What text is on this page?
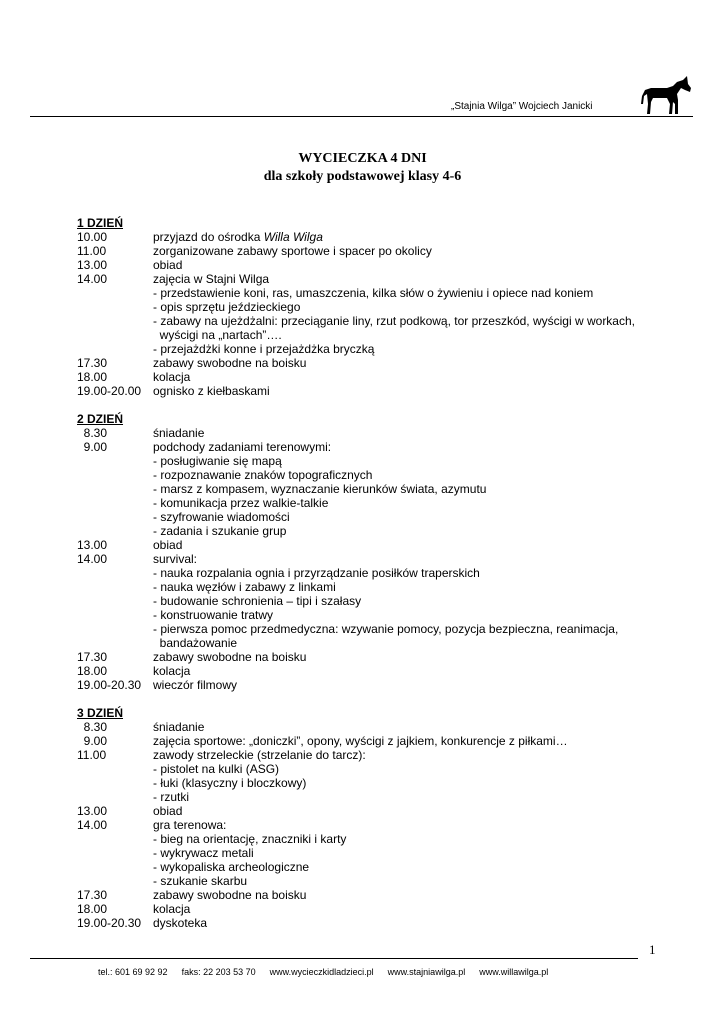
„Stajnia Wilga” Wojciech Janicki
WYCIECZKA 4 DNI
dla szkoły podstawowej klasy 4-6
1 DZIEŃ
10.00	przyjazd do ośrodka Willa Wilga
11.00	zorganizowane zabawy sportowe i spacer po okolicy
13.00	obiad
14.00	zajęcia w Stajni Wilga
- przedstawienie koni, ras, umaszczenia, kilka słów o żywieniu i opiece nad koniem
- opis sprzętu jeździeckiego
- zabawy na ujeżdżalni: przeciąganie liny, rzut podkową, tor przeszkód, wyścigi w workach,
wyścigi na „nartach”….
- przejażdżki konne i przejażdżka bryczką
17.30	zabawy swobodne na boisku
18.00	kolacja
19.00-20.00 ognisko z kiełbaskami
2 DZIEŃ
8.30	śniadanie
9.00	podchody zadaniami terenowymi:
- posługiwanie się mapą
- rozpoznawanie znaków topograficznych
- marsz z kompasem, wyznaczanie kierunków świata, azymutu
- komunikacja przez walkie-talkie
- szyfrowanie wiadomości
- zadania i szukanie grup
13.00	obiad
14.00	survival:
- nauka rozpalania ognia i przyrządzanie posiłków traperskich
- nauka węzłów i zabawy z linkami
- budowanie schronienia – tipi i szałasy
- konstruowanie tratwy
- pierwsza pomoc przedmedyczna: wzywanie pomocy, pozycja bezpieczna, reanimacja,
bandażowanie
17.30	zabawy swobodne na boisku
18.00	kolacja
19.00-20.30 wieczór filmowy
3 DZIEŃ
8.30	śniadanie
9.00	zajęcia sportowe: „doniczki”, opony, wyścigi z jajkiem, konkurencje z piłkami…
11.00	zawody strzeleckie (strzelanie do tarcz):
- pistolet na kulki (ASG)
- łuki (klasyczny i bloczkowy)
- rzutki
13.00	obiad
14.00	gra terenowa:
- bieg na orientację, znaczniki i karty
- wykrywacz metali
- wykopaliska archeologiczne
- szukanie skarbu
17.30	zabawy swobodne na boisku
18.00	kolacja
19.00-20.30 dyskoteka
1
tel.: 601 69 92 92 faks: 22 203 53 70 www.wycieczkidladzieci.pl www.stajniawilga.pl www.willawilga.pl
